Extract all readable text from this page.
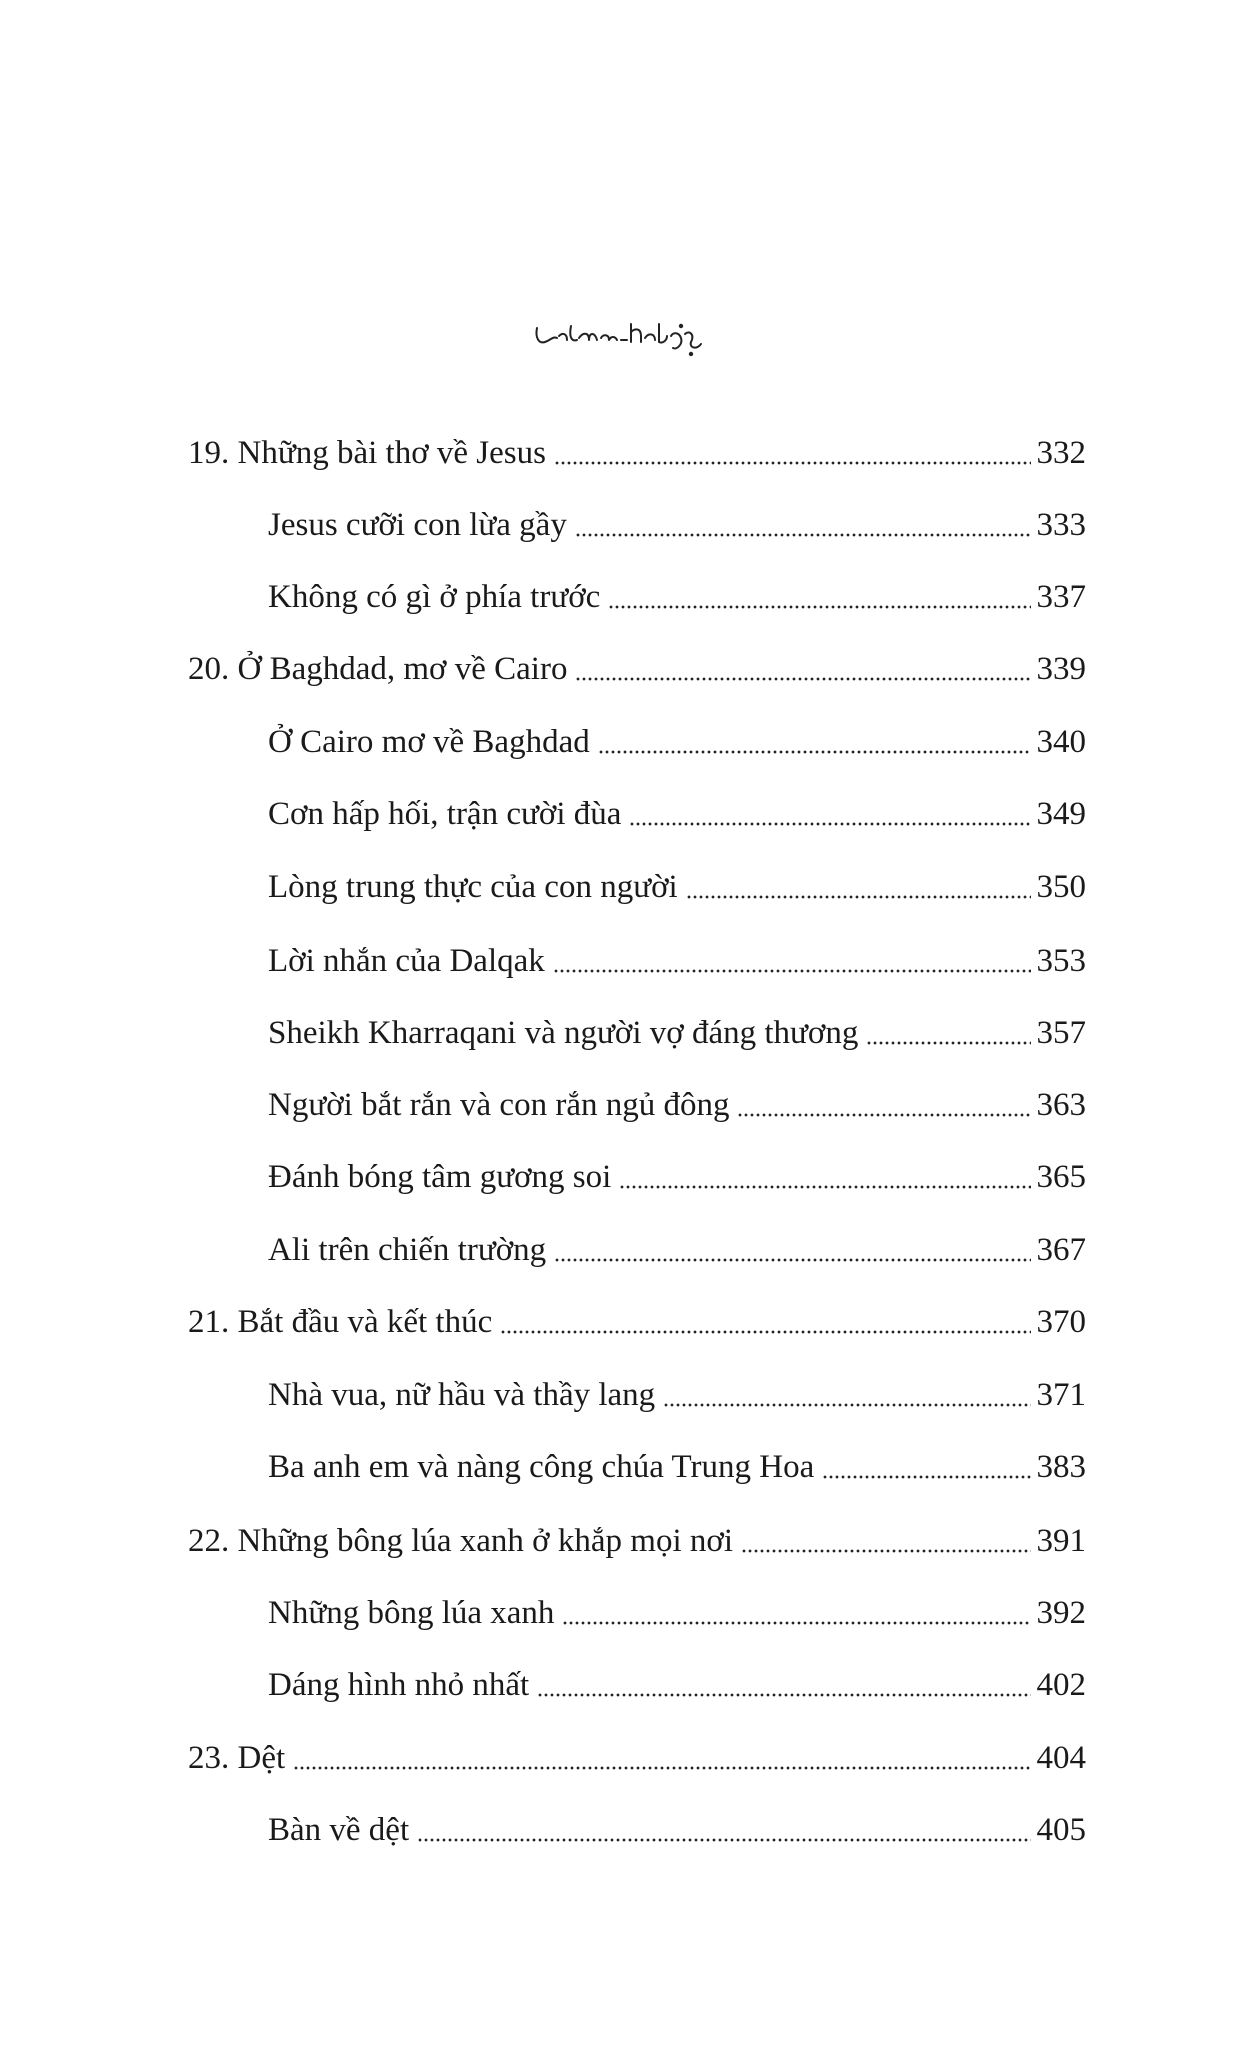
19. Những bài thơ về Jesus	332
Jesus cưỡi con lừa gầy	333
Không có gì ở phía trước	337
20. Ở Baghdad, mơ về Cairo	339
Ở Cairo mơ về Baghdad	340
Cơn hấp hối, trận cười đùa	349
Lòng trung thực của con người	350
Lời nhắn của Dalqak	353
Sheikh Kharraqani và người vợ đáng thương	357
Người bắt rắn và con rắn ngủ đông	363
Đánh bóng tâm gương soi	365
Ali trên chiến trường	367
21. Bắt đầu và kết thúc	370
Nhà vua, nữ hầu và thầy lang	371
Ba anh em và nàng công chúa Trung Hoa	383
22. Những bông lúa xanh ở khắp mọi nơi	391
Những bông lúa xanh	392
Dáng hình nhỏ nhất	402
23. Dệt	404
Bàn về dệt	405
